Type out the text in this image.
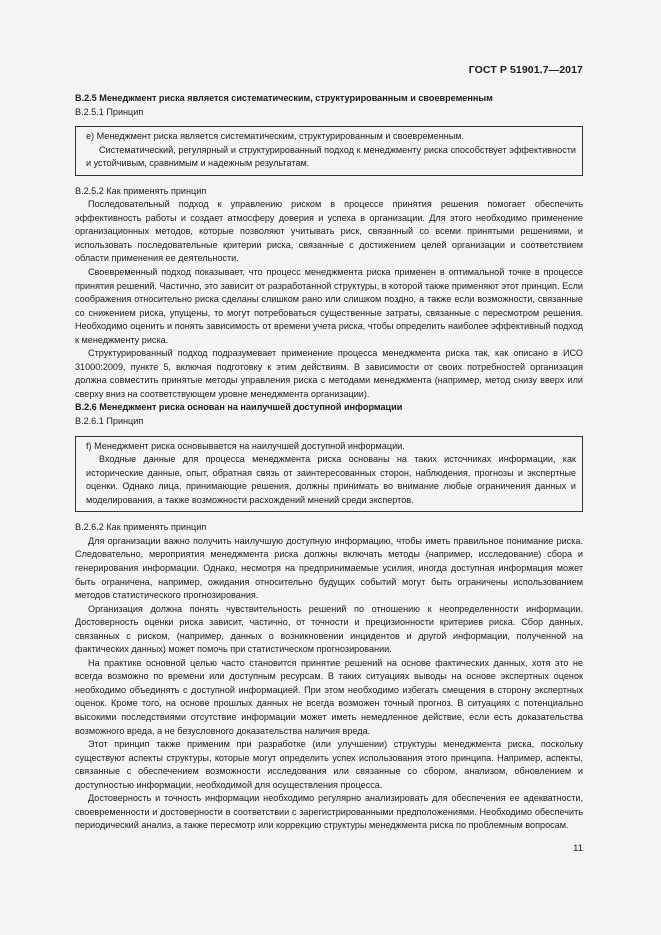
ГОСТ Р 51901.7—2017

B.2.5 Менеджмент риска является систематическим, структурированным и своевременным

B.2.5.1 Принцип

e) Менеджмент риска является систематическим, структурированным и своевременным.

Систематический, регулярный и структурированный подход к менеджменту риска способствует эффективности и устойчивым, сравнимым и надежным результатам.

B.2.5.2 Как применять принцип

Последовательный подход к управлению риском в процессе принятия решения помогает обеспечить эффективность работы и создает атмосферу доверия и успеха в организации. Для этого необходимо применение организационных методов, которые позволяют учитывать риск, связанный со всеми принятыми решениями, и использовать последовательные критерии риска, связанные с достижением целей организации и соответствием области применения ее деятельности.

Своевременный подход показывает, что процесс менеджмента риска применен в оптимальной точке в процессе принятия решений. Частично, это зависит от разработанной структуры, в которой также применяют этот принцип. Если соображения относительно риска сделаны слишком рано или слишком поздно, а также если возможности, связанные со снижением риска, упущены, то могут потребоваться существенные затраты, связанные с пересмотром решения. Необходимо оценить и понять зависимость от времени учета риска, чтобы определить наиболее эффективный подход к менеджменту риска.

Структурированный подход подразумевает применение процесса менеджмента риска так, как описано в ИСО 31000:2009, пункте 5, включая подготовку к этим действиям. В зависимости от своих потребностей организация должна совместить принятые методы управления риска с методами менеджмента (например, метод снизу вверх или сверху вниз на соответствующем уровне менеджмента организации).

B.2.6 Менеджмент риска основан на наилучшей доступной информации

B.2.6.1 Принцип

f) Менеджмент риска основывается на наилучшей доступной информации.

Входные данные для процесса менеджмента риска основаны на таких источниках информации, как исторические данные, опыт, обратная связь от заинтересованных сторон, наблюдения, прогнозы и экспертные оценки. Однако лица, принимающие решения, должны принимать во внимание любые ограничения данных и моделирования, а также возможности расхождений мнений среди экспертов.

B.2.6.2 Как применять принцип

Для организации важно получить наилучшую доступную информацию, чтобы иметь правильное понимание риска. Следовательно, мероприятия менеджмента риска должны включать методы (например, исследование) сбора и генерирования информации. Однако, несмотря на предпринимаемые усилия, иногда доступная информация может быть ограничена, например, ожидания относительно будущих событий могут быть ограничены использованием методов статистического прогнозирования.

Организация должна понять чувствительность решений по отношению к неопределенности информации. Достоверность оценки риска зависит, частично, от точности и прецизионности критериев риска. Сбор данных, связанных с риском, (например, данных о возникновении инцидентов и другой информации, полученной на фактических данных) может помочь при статистическом прогнозировании.

На практике основной целью часто становится принятие решений на основе фактических данных, хотя это не всегда возможно по времени или доступным ресурсам. В таких ситуациях выводы на основе экспертных оценок необходимо объединять с доступной информацией. При этом необходимо избегать смещения в сторону экспертных оценок. Кроме того, на основе прошлых данных не всегда возможен точный прогноз. В ситуациях с потенциально высокими последствиями отсутствие информации может иметь немедленное действие, если есть доказательства возможного вреда, а не безусловного доказательства наличия вреда.

Этот принцип также применим при разработке (или улучшении) структуры менеджмента риска, поскольку существуют аспекты структуры, которые могут определить успех использования этого принципа. Например, аспекты, связанные с обеспечением возможности исследования или связанные со сбором, анализом, обновлением и доступностью информации, необходимой для осуществления процесса.

Достоверность и точность информации необходимо регулярно анализировать для обеспечения ее адекватности, своевременности и достоверности в соответствии с зарегистрированными предположениями. Необходимо обеспечить периодический анализ, а также пересмотр или коррекцию структуры менеджмента риска по проблемным вопросам.

11
